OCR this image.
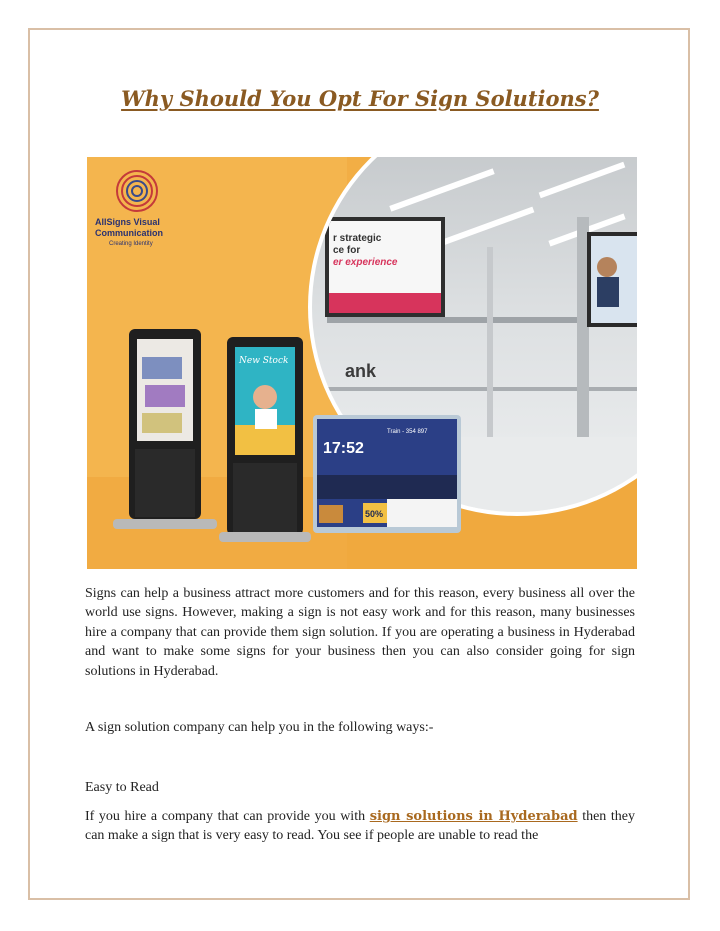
Why Should You Opt For Sign Solutions?
r strategic
ce for
er experience
ank
AllSigns Visual
Communication
Creating Identity
New Stock
17:52
Train - 354 897
50%

Signs can help a business attract more customers and for this reason, every business all over the world use signs. However, making a sign is not easy work and for this reason, many businesses hire a company that can provide them sign solution. If you are operating a business in Hyderabad and want to make some signs for your business then you can also consider going for sign solutions in Hyderabad.

A sign solution company can help you in the following ways:-

Easy to Read

If you hire a company that can provide you with sign solutions in Hyderabad then they can make a sign that is very easy to read. You see if people are unable to read the
